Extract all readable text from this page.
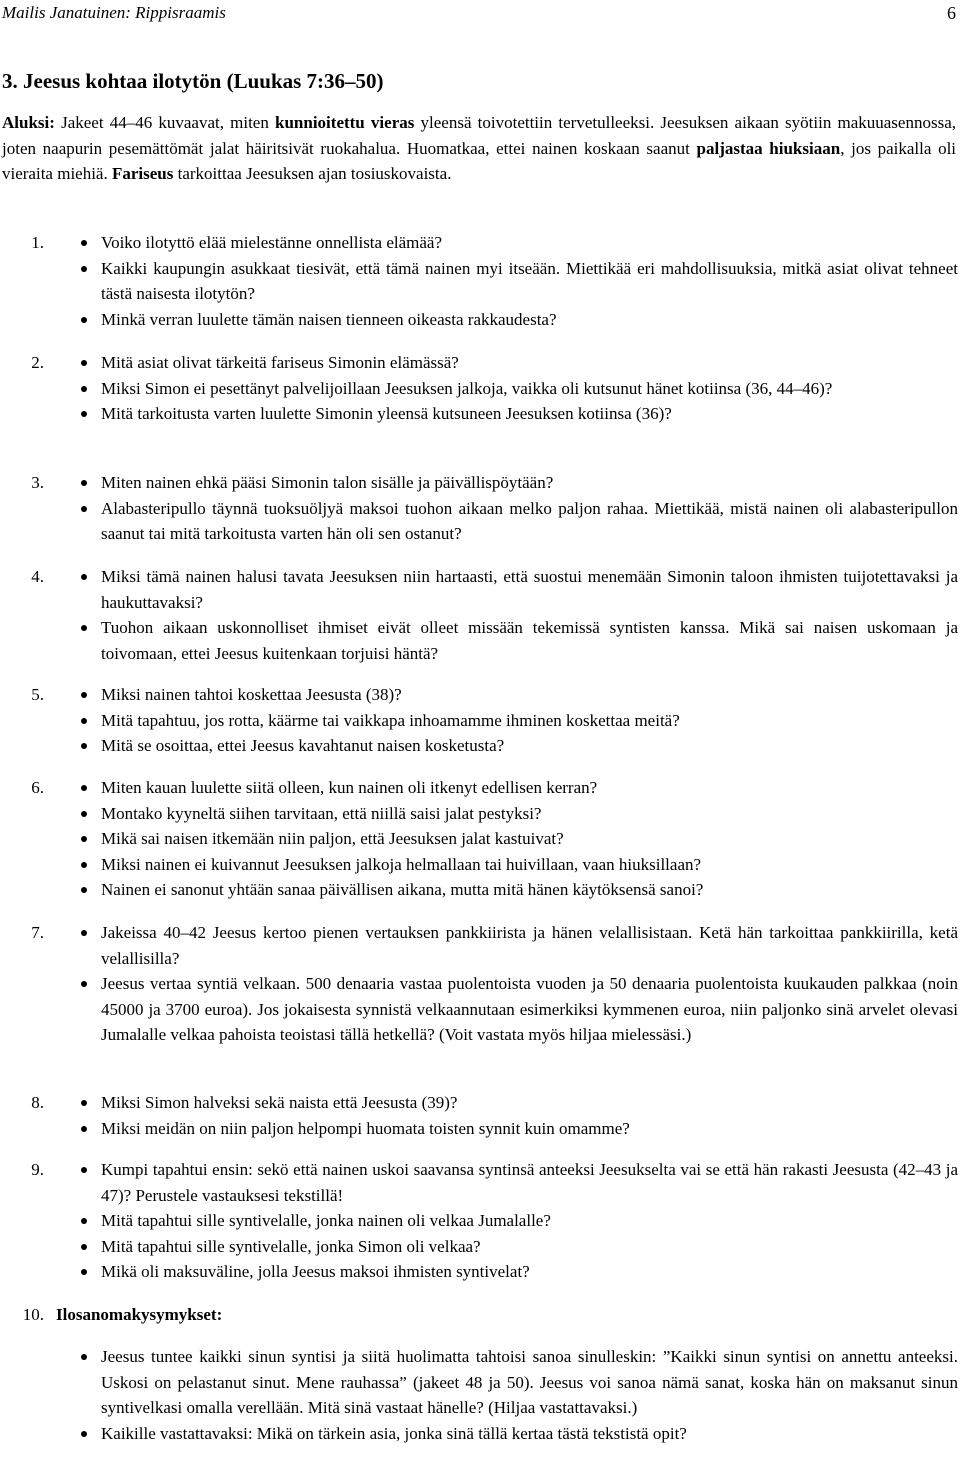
Mailis Janatuinen: Rippisraamis	6
3. Jeesus kohtaa ilotytön (Luukas 7:36–50)
Aluksi: Jakeet 44–46 kuvaavat, miten kunnioitettu vieras yleensä toivotettiin tervetulleeksi. Jeesuksen aikaan syötiin makuuasennossa, joten naapurin pesemättömät jalat häiritsivät ruokahalua. Huomatkaa, ettei nainen koskaan saanut paljastaa hiuksiaan, jos paikalla oli vieraita miehiä. Fariseus tarkoittaa Jeesuksen ajan tosiuskovaista.
1.	Voiko ilotyttö elää mielestänne onnellista elämää?
Kaikki kaupungin asukkaat tiesivät, että tämä nainen myi itseään. Miettikää eri mahdollisuuksia, mitkä asiat olivat tehneet tästä naisesta ilotytön?
Minkä verran luulette tämän naisen tienneen oikeasta rakkaudesta?
2.	Mitä asiat olivat tärkeitä fariseus Simonin elämässä?
Miksi Simon ei pesettänyt palvelijoillaan Jeesuksen jalkoja, vaikka oli kutsunut hänet kotiinsa (36, 44–46)?
Mitä tarkoitusta varten luulette Simonin yleensä kutsuneen Jeesuksen kotiinsa (36)?
3.	Miten nainen ehkä pääsi Simonin talon sisälle ja päivällispöytään?
Alabasteripullo täynnä tuoksuöljyä maksoi tuohon aikaan melko paljon rahaa. Miettikää, mistä nainen oli alabasteripullon saanut tai mitä tarkoitusta varten hän oli sen ostanut?
4.	Miksi tämä nainen halusi tavata Jeesuksen niin hartaasti, että suostui menemään Simonin taloon ihmisten tuijotettavaksi ja haukuttavaksi?
Tuohon aikaan uskonnolliset ihmiset eivät olleet missään tekemissä syntisten kanssa. Mikä sai naisen uskomaan ja toivomaan, ettei Jeesus kuitenkaan torjuisi häntä?
5.	Miksi nainen tahtoi koskettaa Jeesusta (38)?
Mitä tapahtuu, jos rotta, käärme tai vaikkapa inhoamamme ihminen koskettaa meitä?
Mitä se osoittaa, ettei Jeesus kavahtanut naisen kosketusta?
6.	Miten kauan luulette siitä olleen, kun nainen oli itkenyt edellisen kerran?
Montako kyyneltä siihen tarvitaan, että niillä saisi jalat pestyksi?
Mikä sai naisen itkemään niin paljon, että Jeesuksen jalat kastuivat?
Miksi nainen ei kuivannut Jeesuksen jalkoja helmallaan tai huivillaan, vaan hiuksillaan?
Nainen ei sanonut yhtään sanaa päivällisen aikana, mutta mitä hänen käytöksensä sanoi?
7.	Jakeissa 40–42 Jeesus kertoo pienen vertauksen pankkiirista ja hänen velallisistaan. Ketä hän tarkoittaa pankkiirilla, ketä velallisilla?
Jeesus vertaa syntiä velkaan. 500 denaaria vastaa puolentoista vuoden ja 50 denaaria puolentoista kuukauden palkkaa (noin 45000 ja 3700 euroa). Jos jokaisesta synnistä velkaannutaan esimerkiksi kymmenen euroa, niin paljonko sinä arvelet olevasi Jumalalle velkaa pahoista teoistasi tällä hetkellä? (Voit vastata myös hiljaa mielessäsi.)
8.	Miksi Simon halveksi sekä naista että Jeesusta (39)?
Miksi meidän on niin paljon helpompi huomata toisten synnit kuin omamme?
9.	Kumpi tapahtui ensin: sekö että nainen uskoi saavansa syntinsä anteeksi Jeesukselta vai se että hän rakasti Jeesusta (42–43 ja 47)? Perustele vastauksesi tekstillä!
Mitä tapahtui sille syntivelalle, jonka nainen oli velkaa Jumalalle?
Mitä tapahtui sille syntivelalle, jonka Simon oli velkaa?
Mikä oli maksuväline, jolla Jeesus maksoi ihmisten syntivelat?
10. Ilosanomakysymykset:
Jeesus tuntee kaikki sinun syntisi ja siitä huolimatta tahtoisi sanoa sinulleskin: ”Kaikki sinun syntisi on annettu anteeksi. Uskosi on pelastanut sinut. Mene rauhassa” (jakeet 48 ja 50). Jeesus voi sanoa nämä sanat, koska hän on maksanut sinun syntivelkasi omalla verellään. Mitä sinä vastaat hänelle? (Hiljaa vastattavaksi.)
Kaikille vastattavaksi: Mikä on tärkein asia, jonka sinä tällä kertaa tästä tekstistä opit?
